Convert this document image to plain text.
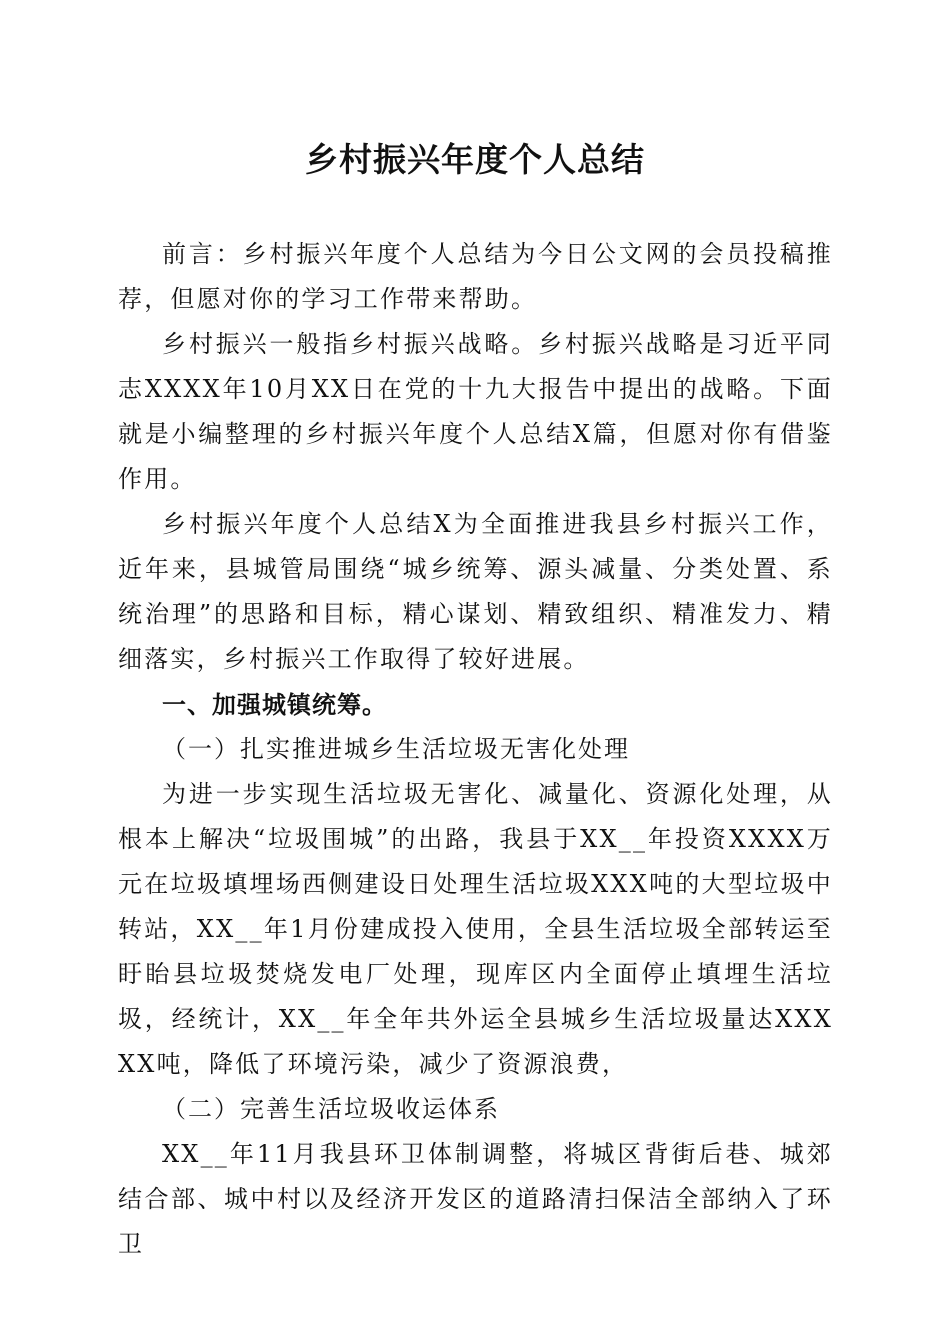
乡村振兴年度个人总结

前言：乡村振兴年度个人总结为今日公文网的会员投稿推荐，但愿对你的学习工作带来帮助。

乡村振兴一般指乡村振兴战略。乡村振兴战略是习近平同志XXXX年10月XX日在党的十九大报告中提出的战略。下面就是小编整理的乡村振兴年度个人总结X篇，但愿对你有借鉴作用。

乡村振兴年度个人总结X为全面推进我县乡村振兴工作，近年来，县城管局围绕“城乡统筹、源头减量、分类处置、系统治理”的思路和目标，精心谋划、精致组织、精准发力、精细落实，乡村振兴工作取得了较好进展。

一、加强城镇统筹。

（一）扎实推进城乡生活垃圾无害化处理

为进一步实现生活垃圾无害化、减量化、资源化处理，从根本上解决“垃圾围城”的出路，我县于XX__年投资XXXX万元在垃圾填埋场西侧建设日处理生活垃圾XXX吨的大型垃圾中转站，XX__年1月份建成投入使用，全县生活垃圾全部转运至盱眙县垃圾焚烧发电厂处理，现库区内全面停止填埋生活垃圾，经统计，XX__年全年共外运全县城乡生活垃圾量达XXXXX吨，降低了环境污染，减少了资源浪费，

（二）完善生活垃圾收运体系

XX__年11月我县环卫体制调整，将城区背街后巷、城郊结合部、城中村以及经济开发区的道路清扫保洁全部纳入了环卫
